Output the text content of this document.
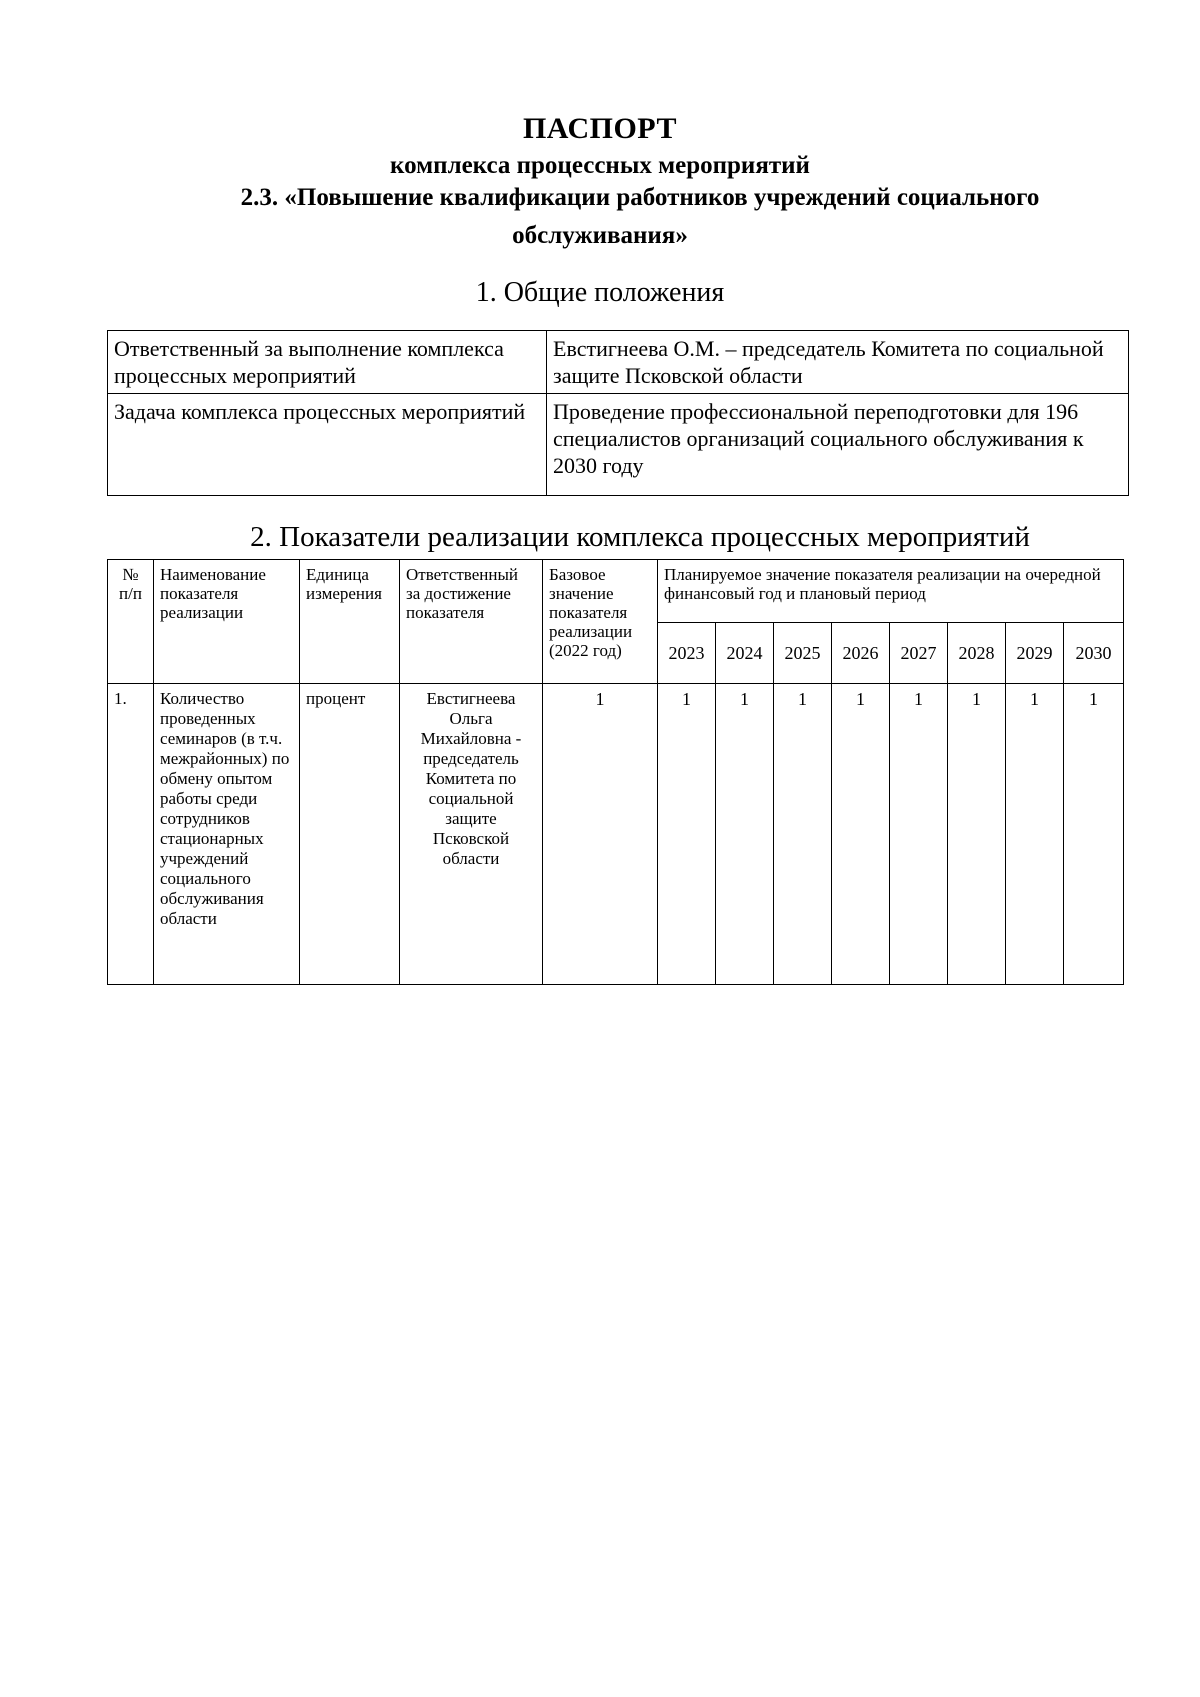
ПАСПОРТ
комплекса процессных мероприятий
2.3. «Повышение квалификации работников учреждений социального
обслуживания»
1. Общие положения
Ответственный за выполнение комплекса процессных мероприятий	Евстигнеева О.М. – председатель Комитета по социальной защите Псковской области
Задача комплекса процессных мероприятий	Проведение профессиональной переподготовки для 196 специалистов организаций социального обслуживания к 2030 году
2. Показатели реализации комплекса процессных мероприятий
№ п/п	Наименование показателя реализации	Единица измерения	Ответственный за достижение показателя	Базовое значение показателя реализации (2022 год)	Планируемое значение показателя реализации на очередной финансовый год и плановый период							
					2023	2024	2025	2026	2027	2028	2029	2030
1.	Количество проведенных семинаров (в т.ч. межрайонных) по обмену опытом работы среди сотрудников стационарных учреждений социального обслуживания области	процент	Евстигнеева Ольга Михайловна - председатель Комитета по социальной защите Псковской области	1	1	1	1	1	1	1	1	1
